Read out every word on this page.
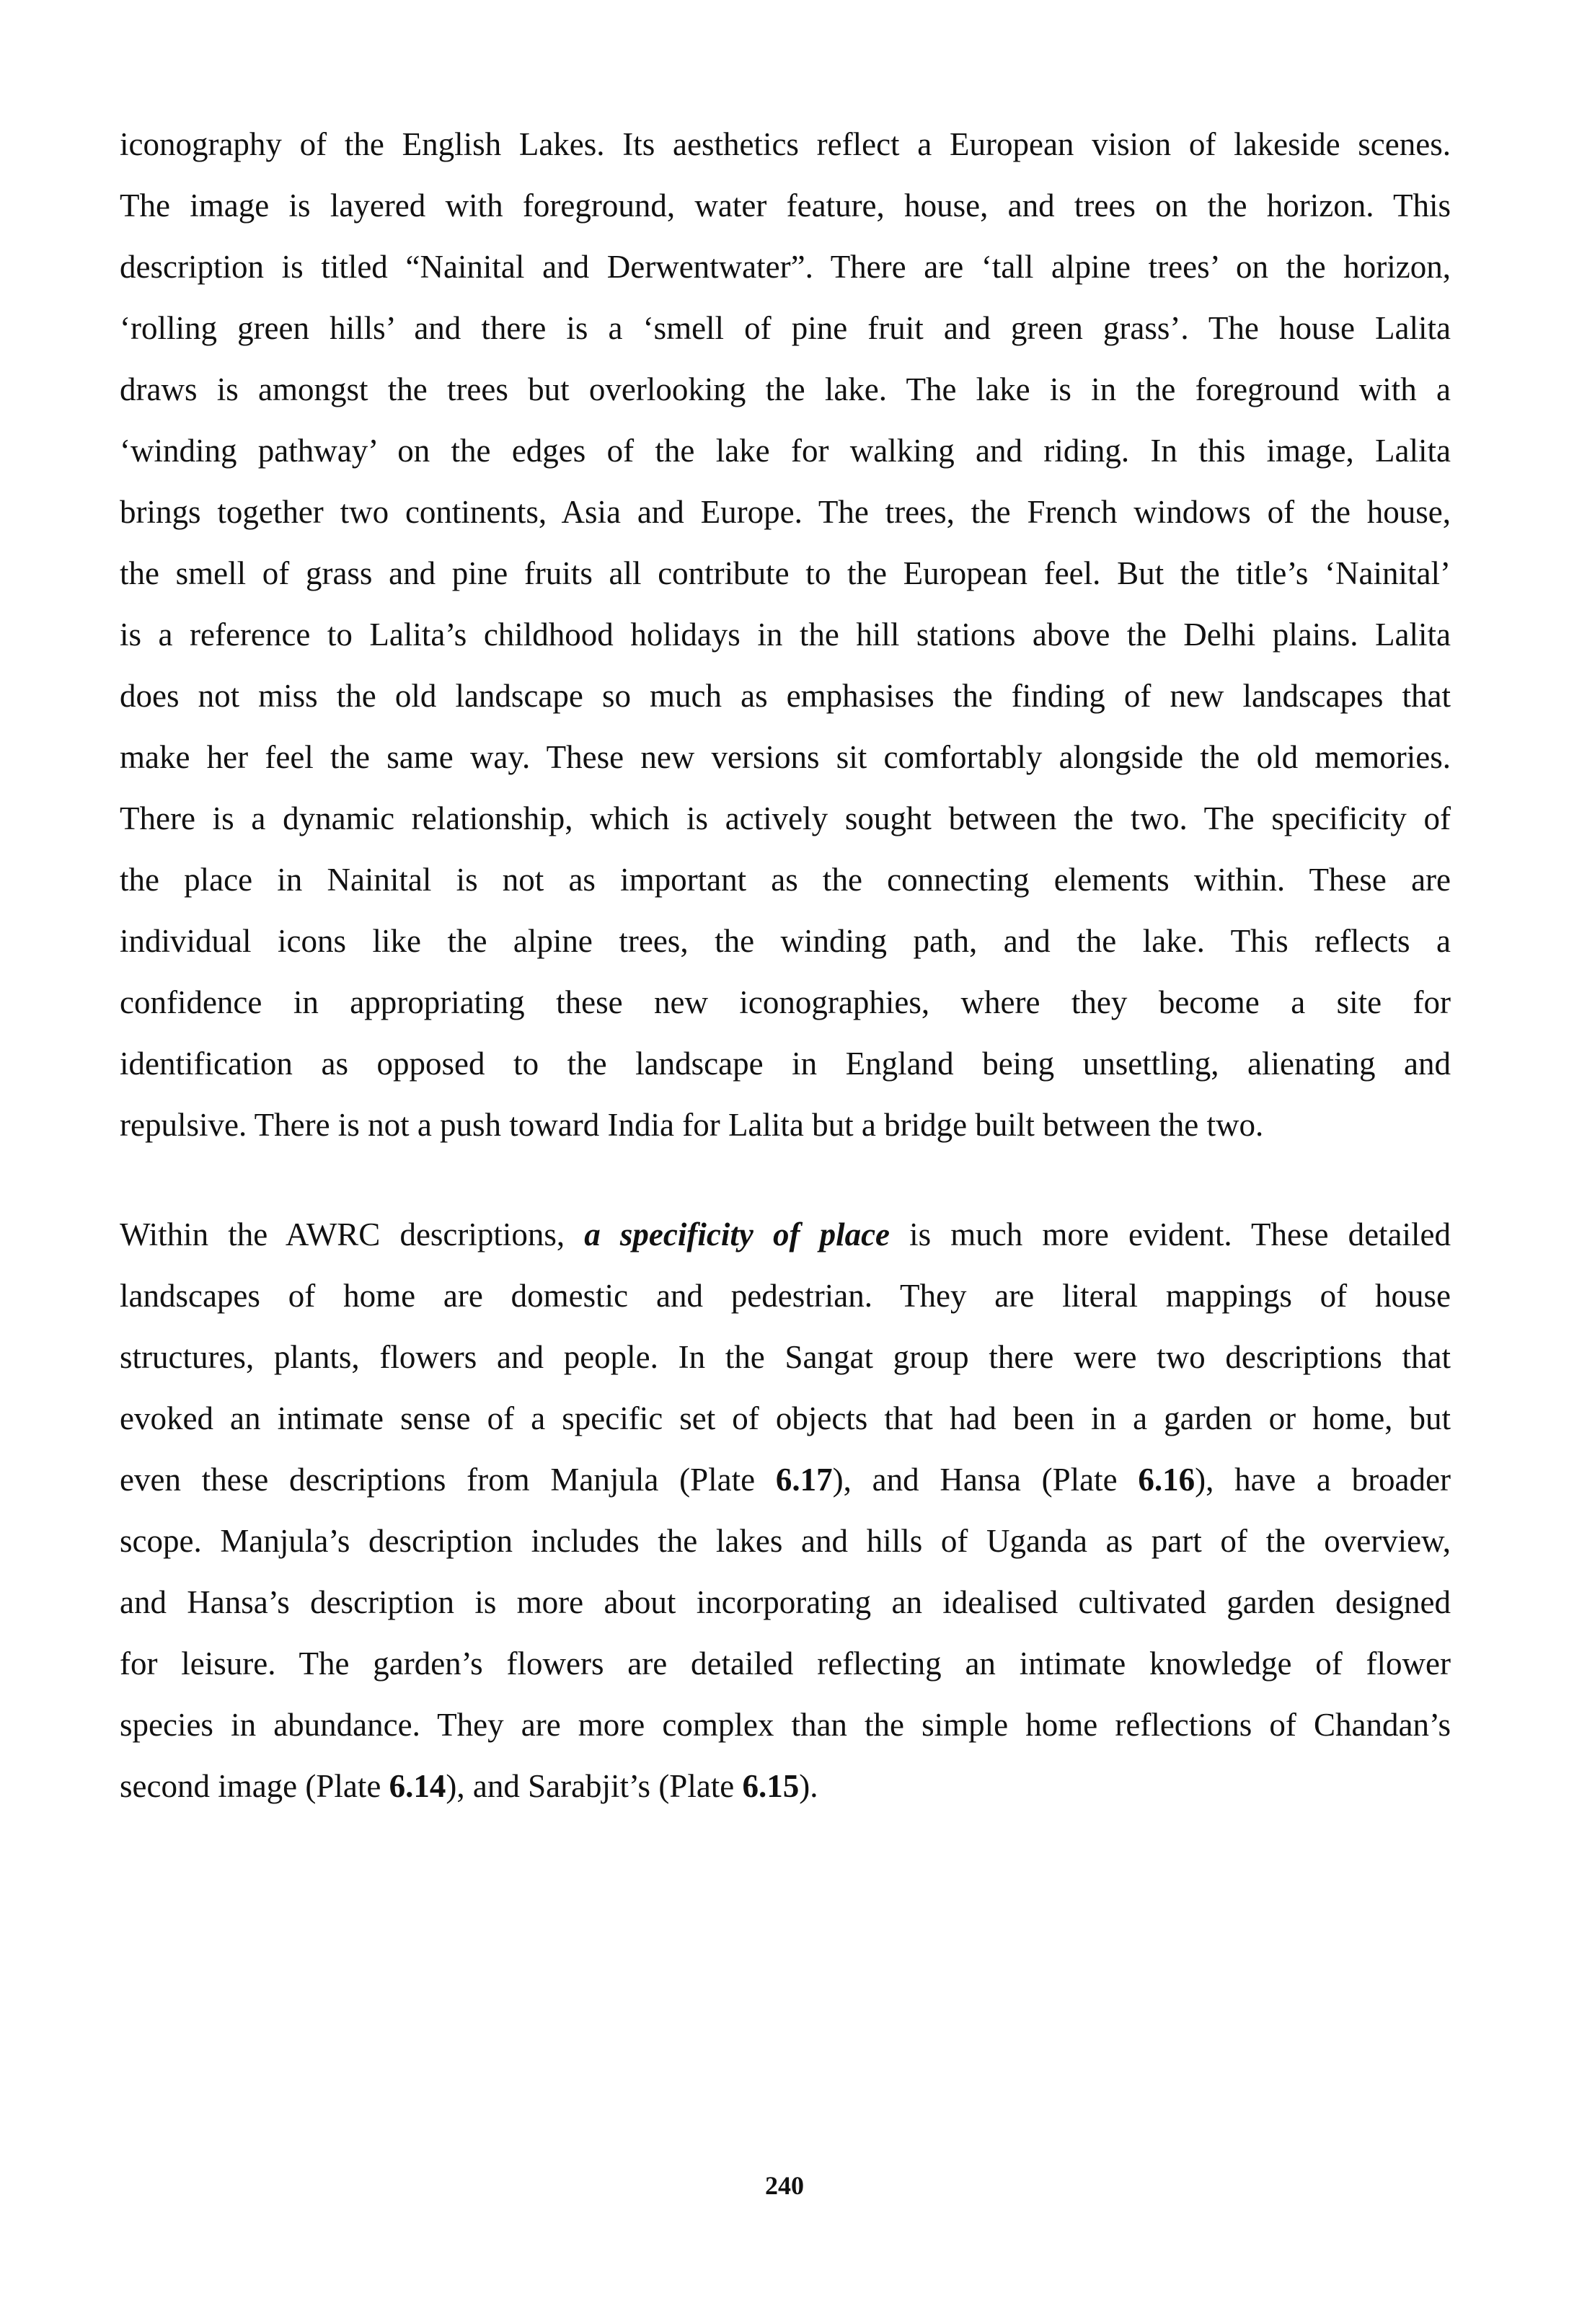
iconography of the English Lakes. Its aesthetics reflect a European vision of lakeside scenes.
The image is layered with foreground, water feature, house, and trees on the horizon. This
description is titled “Nainital and Derwentwater”. There are ‘tall alpine trees’ on the horizon,
‘rolling green hills’ and there is a ‘smell of pine fruit and green grass’. The house Lalita
draws is amongst the trees but overlooking the lake. The lake is in the foreground with a
‘winding pathway’ on the edges of the lake for walking and riding. In this image, Lalita
brings together two continents, Asia and Europe. The trees, the French windows of the house,
the smell of grass and pine fruits all contribute to the European feel. But the title’s ‘Nainital’
is a reference to Lalita’s childhood holidays in the hill stations above the Delhi plains. Lalita
does not miss the old landscape so much as emphasises the finding of new landscapes that
make her feel the same way. These new versions sit comfortably alongside the old memories.
There is a dynamic relationship, which is actively sought between the two. The specificity of
the place in Nainital is not as important as the connecting elements within. These are
individual icons like the alpine trees, the winding path, and the lake. This reflects a
confidence in appropriating these new iconographies, where they become a site for
identification as opposed to the landscape in England being unsettling, alienating and
repulsive. There is not a push toward India for Lalita but a bridge built between the two.

Within the AWRC descriptions, a specificity of place is much more evident. These detailed
landscapes of home are domestic and pedestrian. They are literal mappings of house
structures, plants, flowers and people. In the Sangat group there were two descriptions that
evoked an intimate sense of a specific set of objects that had been in a garden or home, but
even these descriptions from Manjula (Plate 6.17), and Hansa (Plate 6.16), have a broader
scope. Manjula’s description includes the lakes and hills of Uganda as part of the overview,
and Hansa’s description is more about incorporating an idealised cultivated garden designed
for leisure. The garden’s flowers are detailed reflecting an intimate knowledge of flower
species in abundance. They are more complex than the simple home reflections of Chandan’s
second image (Plate 6.14), and Sarabjit’s (Plate 6.15).

240
